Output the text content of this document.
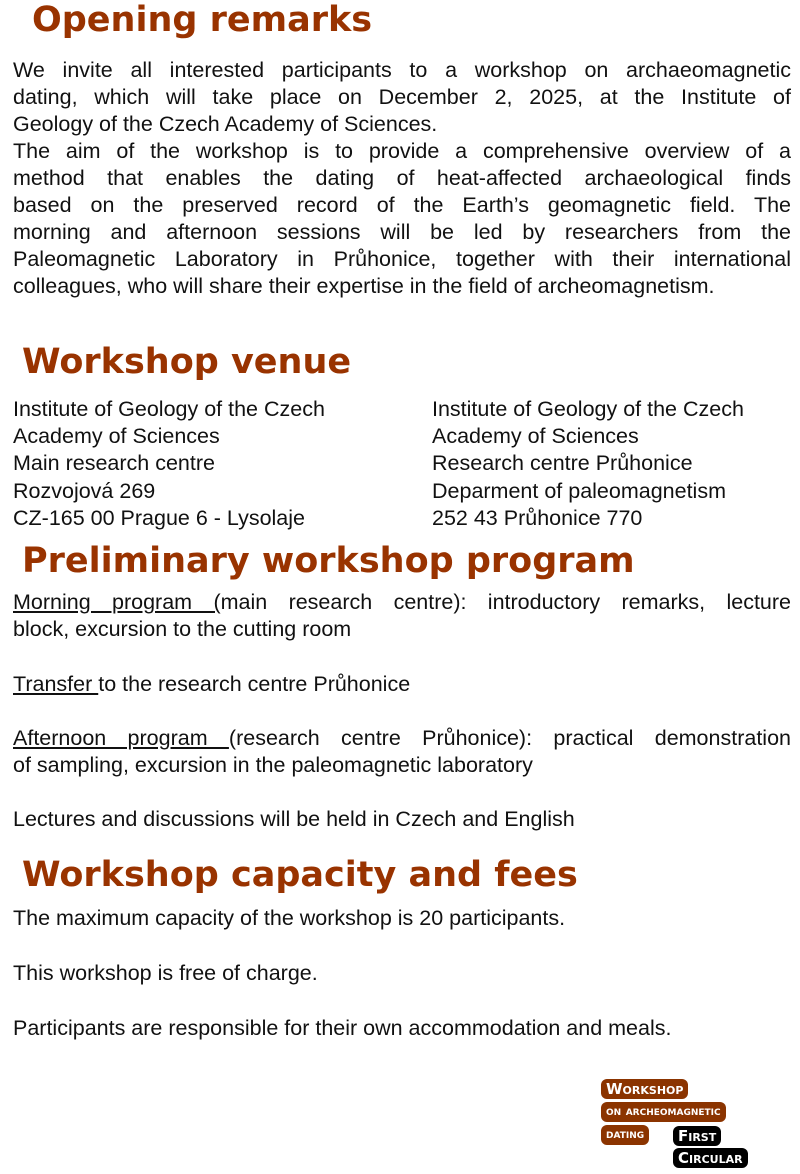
Opening remarks

We invite all interested participants to a workshop on archaeomagnetic
dating, which will take place on December 2, 2025, at the Institute of
Geology of the Czech Academy of Sciences.

The aim of the workshop is to provide a comprehensive overview of a
method that enables the dating of heat-affected archaeological finds
based on the preserved record of the Earth’s geomagnetic field. The
morning and afternoon sessions will be led by researchers from the
Paleomagnetic Laboratory in Průhonice, together with their international
colleagues, who will share their expertise in the field of archeomagnetism.

Workshop venue
Institute of Geology of the Czech
Academy of Sciences
Main research centre
Rozvojová 269
CZ-165 00 Prague 6 - Lysolaje
Institute of Geology of the Czech
Academy of Sciences
Research centre Průhonice
Deparment of paleomagnetism
252 43 Průhonice 770
Preliminary workshop program

Morning program (main research centre): introductory remarks, lecture
block, excursion to the cutting room

Transfer to the research centre Průhonice

Afternoon program (research centre Průhonice): practical demonstration
of sampling, excursion in the paleomagnetic laboratory

Lectures and discussions will be held in Czech and English

Workshop capacity and fees

The maximum capacity of the workshop is 20 participants.

This workshop is free of charge.

Participants are responsible for their own accommodation and meals.

Workshop
on archeomagnetic
dating	First
Circular
